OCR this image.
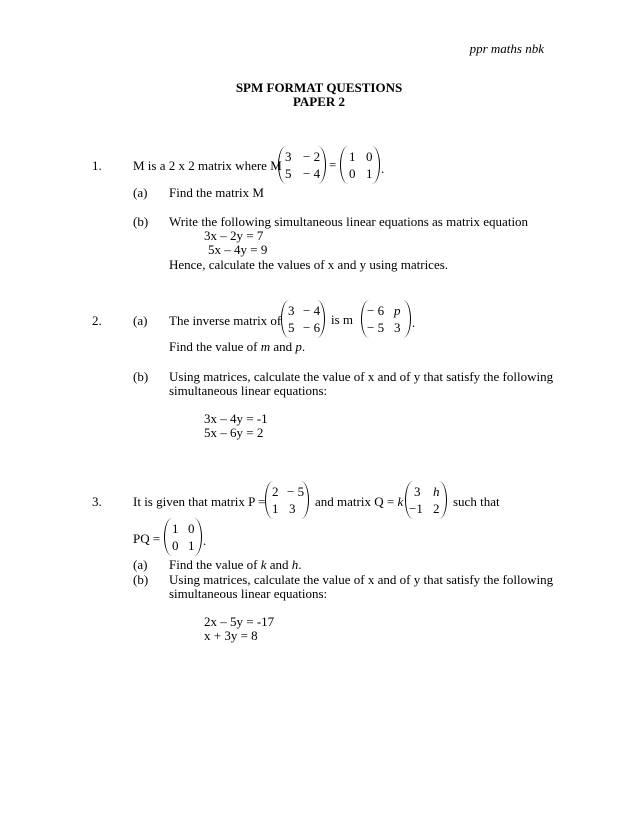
ppr maths nbk
SPM FORMAT QUESTIONS
PAPER 2
1. M is a 2 x 2 matrix where M
3 − 2
5 − 4
=
1 0
0 1 .
(a) Find the matrix M
(b) Write the following simultaneous linear equations as matrix equation
3x – 2y = 7
5x – 4y = 9
Hence, calculate the values of x and y using matrices.
2. (a) The inverse matrix of
3 − 4
5 − 6
is m
− 6 p
− 5 3 .
Find the value of m and p.
(b) Using matrices, calculate the value of x and of y that satisfy the following
simultaneous linear equations:
3x – 4y = -1
5x – 6y = 2
3. It is given that matrix P =
2 − 5
1 3 and matrix Q = k
3 h
−1 2 such that
PQ =
1 0
0 1 .
(a) Find the value of k and h.
(b) Using matrices, calculate the value of x and of y that satisfy the following
simultaneous linear equations:
2x – 5y = -17
x + 3y = 8
